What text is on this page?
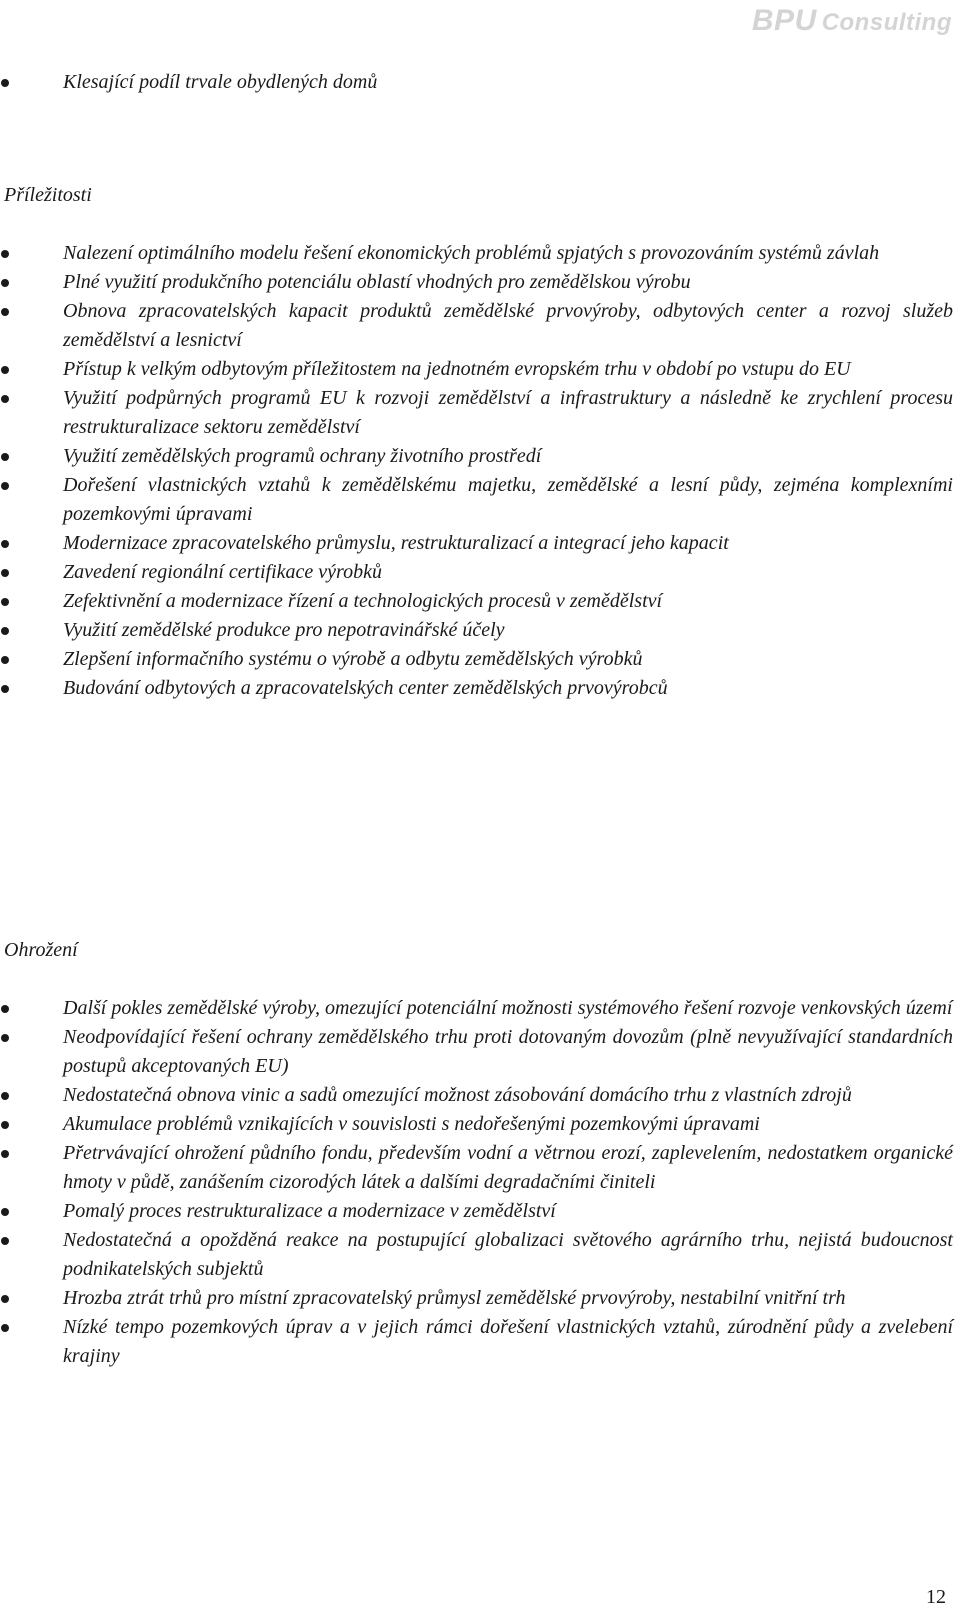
BPU Consulting
Klesající podíl trvale obydlených domů
Příležitosti
Nalezení optimálního modelu řešení ekonomických problémů spjatých s provozováním systémů závlah
Plné využití produkčního potenciálu oblastí vhodných pro zemědělskou výrobu
Obnova zpracovatelských kapacit produktů zemědělské prvovýroby, odbytových center a rozvoj služeb zemědělství a lesnictví
Přístup k velkým odbytovým příležitostem na jednotném evropském trhu v období po vstupu do EU
Využití podpůrných programů EU k rozvoji zemědělství a infrastruktury a následně ke zrychlení procesu restrukturalizace sektoru zemědělství
Využití zemědělských programů ochrany životního prostředí
Dořešení vlastnických vztahů k zemědělskému majetku, zemědělské a lesní půdy, zejména komplexními pozemkovými úpravami
Modernizace zpracovatelského průmyslu, restrukturalizací a integrací jeho kapacit
Zavedení regionální certifikace výrobků
Zefektivnění a modernizace řízení a technologických procesů v zemědělství
Využití zemědělské produkce pro nepotravinářské účely
Zlepšení informačního systému o výrobě a odbytu zemědělských výrobků
Budování odbytových a zpracovatelských center zemědělských prvovýrobců
Ohrožení
Další pokles zemědělské výroby, omezující potenciální možnosti systémového řešení rozvoje venkovských území
Neodpovídající řešení ochrany zemědělského trhu proti dotovaným dovozům (plně nevyužívající standardních postupů akceptovaných EU)
Nedostatečná obnova vinic a sadů omezující možnost zásobování domácího trhu z vlastních zdrojů
Akumulace problémů vznikajících v souvislosti s nedořešenými pozemkovými úpravami
Přetrvávající ohrožení půdního fondu, především vodní a větrnou erozí, zaplevelením, nedostatkem organické hmoty v půdě, zanášením cizorodých látek a dalšími degradačními činiteli
Pomalý proces restrukturalizace a modernizace v zemědělství
Nedostatečná a opožděná reakce na postupující globalizaci světového agrárního trhu, nejistá budoucnost podnikatelských subjektů
Hrozba ztrát trhů pro místní zpracovatelský průmysl zemědělské prvovýroby, nestabilní vnitřní trh
Nízké tempo pozemkových úprav a v jejich rámci dořešení vlastnických vztahů, zúrodnění půdy a zvelebení krajiny
12
